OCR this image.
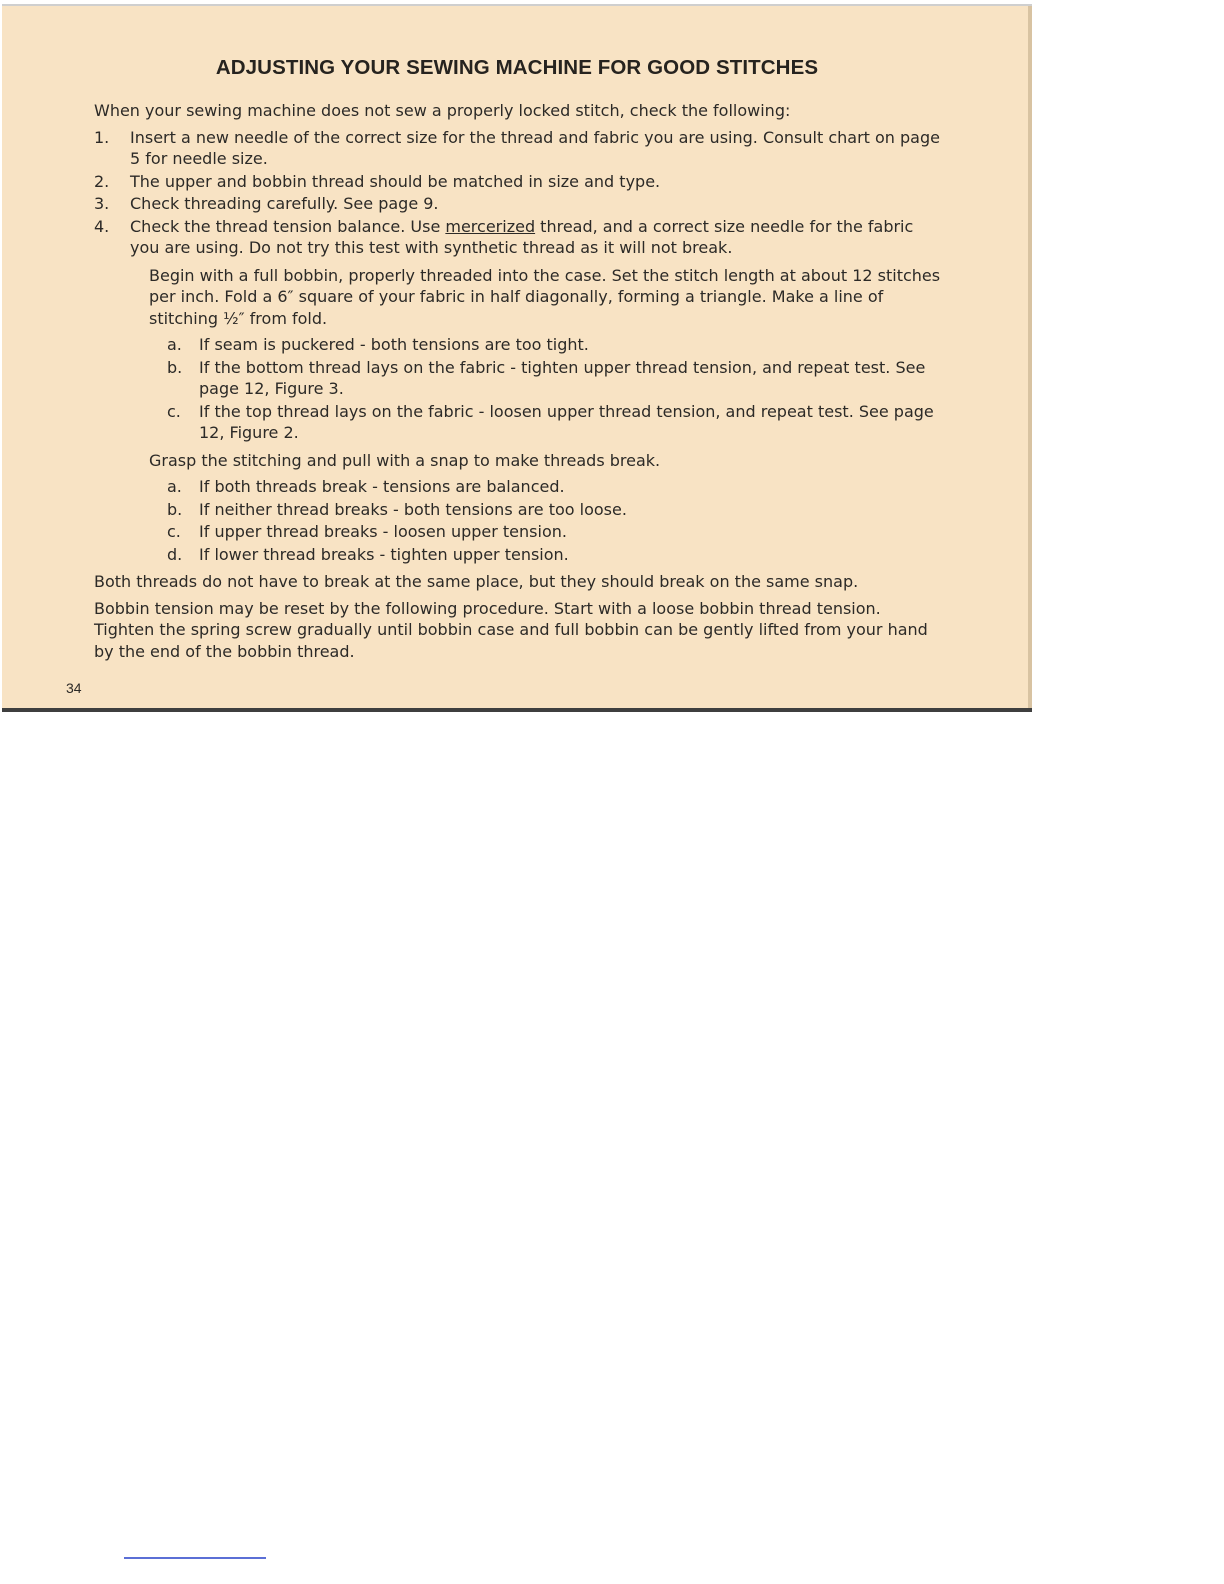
ADJUSTING YOUR SEWING MACHINE FOR GOOD STITCHES

When your sewing machine does not sew a properly locked stitch, check the following:

1. Insert a new needle of the correct size for the thread and fabric you are using. Consult chart on page 5 for needle size.
2. The upper and bobbin thread should be matched in size and type.
3. Check threading carefully. See page 9.
4. Check the thread tension balance. Use mercerized thread, and a correct size needle for the fabric you are using. Do not try this test with synthetic thread as it will not break.

Begin with a full bobbin, properly threaded into the case. Set the stitch length at about 12 stitches per inch. Fold a 6″ square of your fabric in half diagonally, forming a triangle. Make a line of stitching ½″ from fold.

a. If seam is puckered - both tensions are too tight.
b. If the bottom thread lays on the fabric - tighten upper thread tension, and repeat test. See page 12, Figure 3.
c. If the top thread lays on the fabric - loosen upper thread tension, and repeat test. See page 12, Figure 2.

Grasp the stitching and pull with a snap to make threads break.

a. If both threads break - tensions are balanced.
b. If neither thread breaks - both tensions are too loose.
c. If upper thread breaks - loosen upper tension.
d. If lower thread breaks - tighten upper tension.

Both threads do not have to break at the same place, but they should break on the same snap.

Bobbin tension may be reset by the following procedure. Start with a loose bobbin thread tension. Tighten the spring screw gradually until bobbin case and full bobbin can be gently lifted from your hand by the end of the bobbin thread.

34
